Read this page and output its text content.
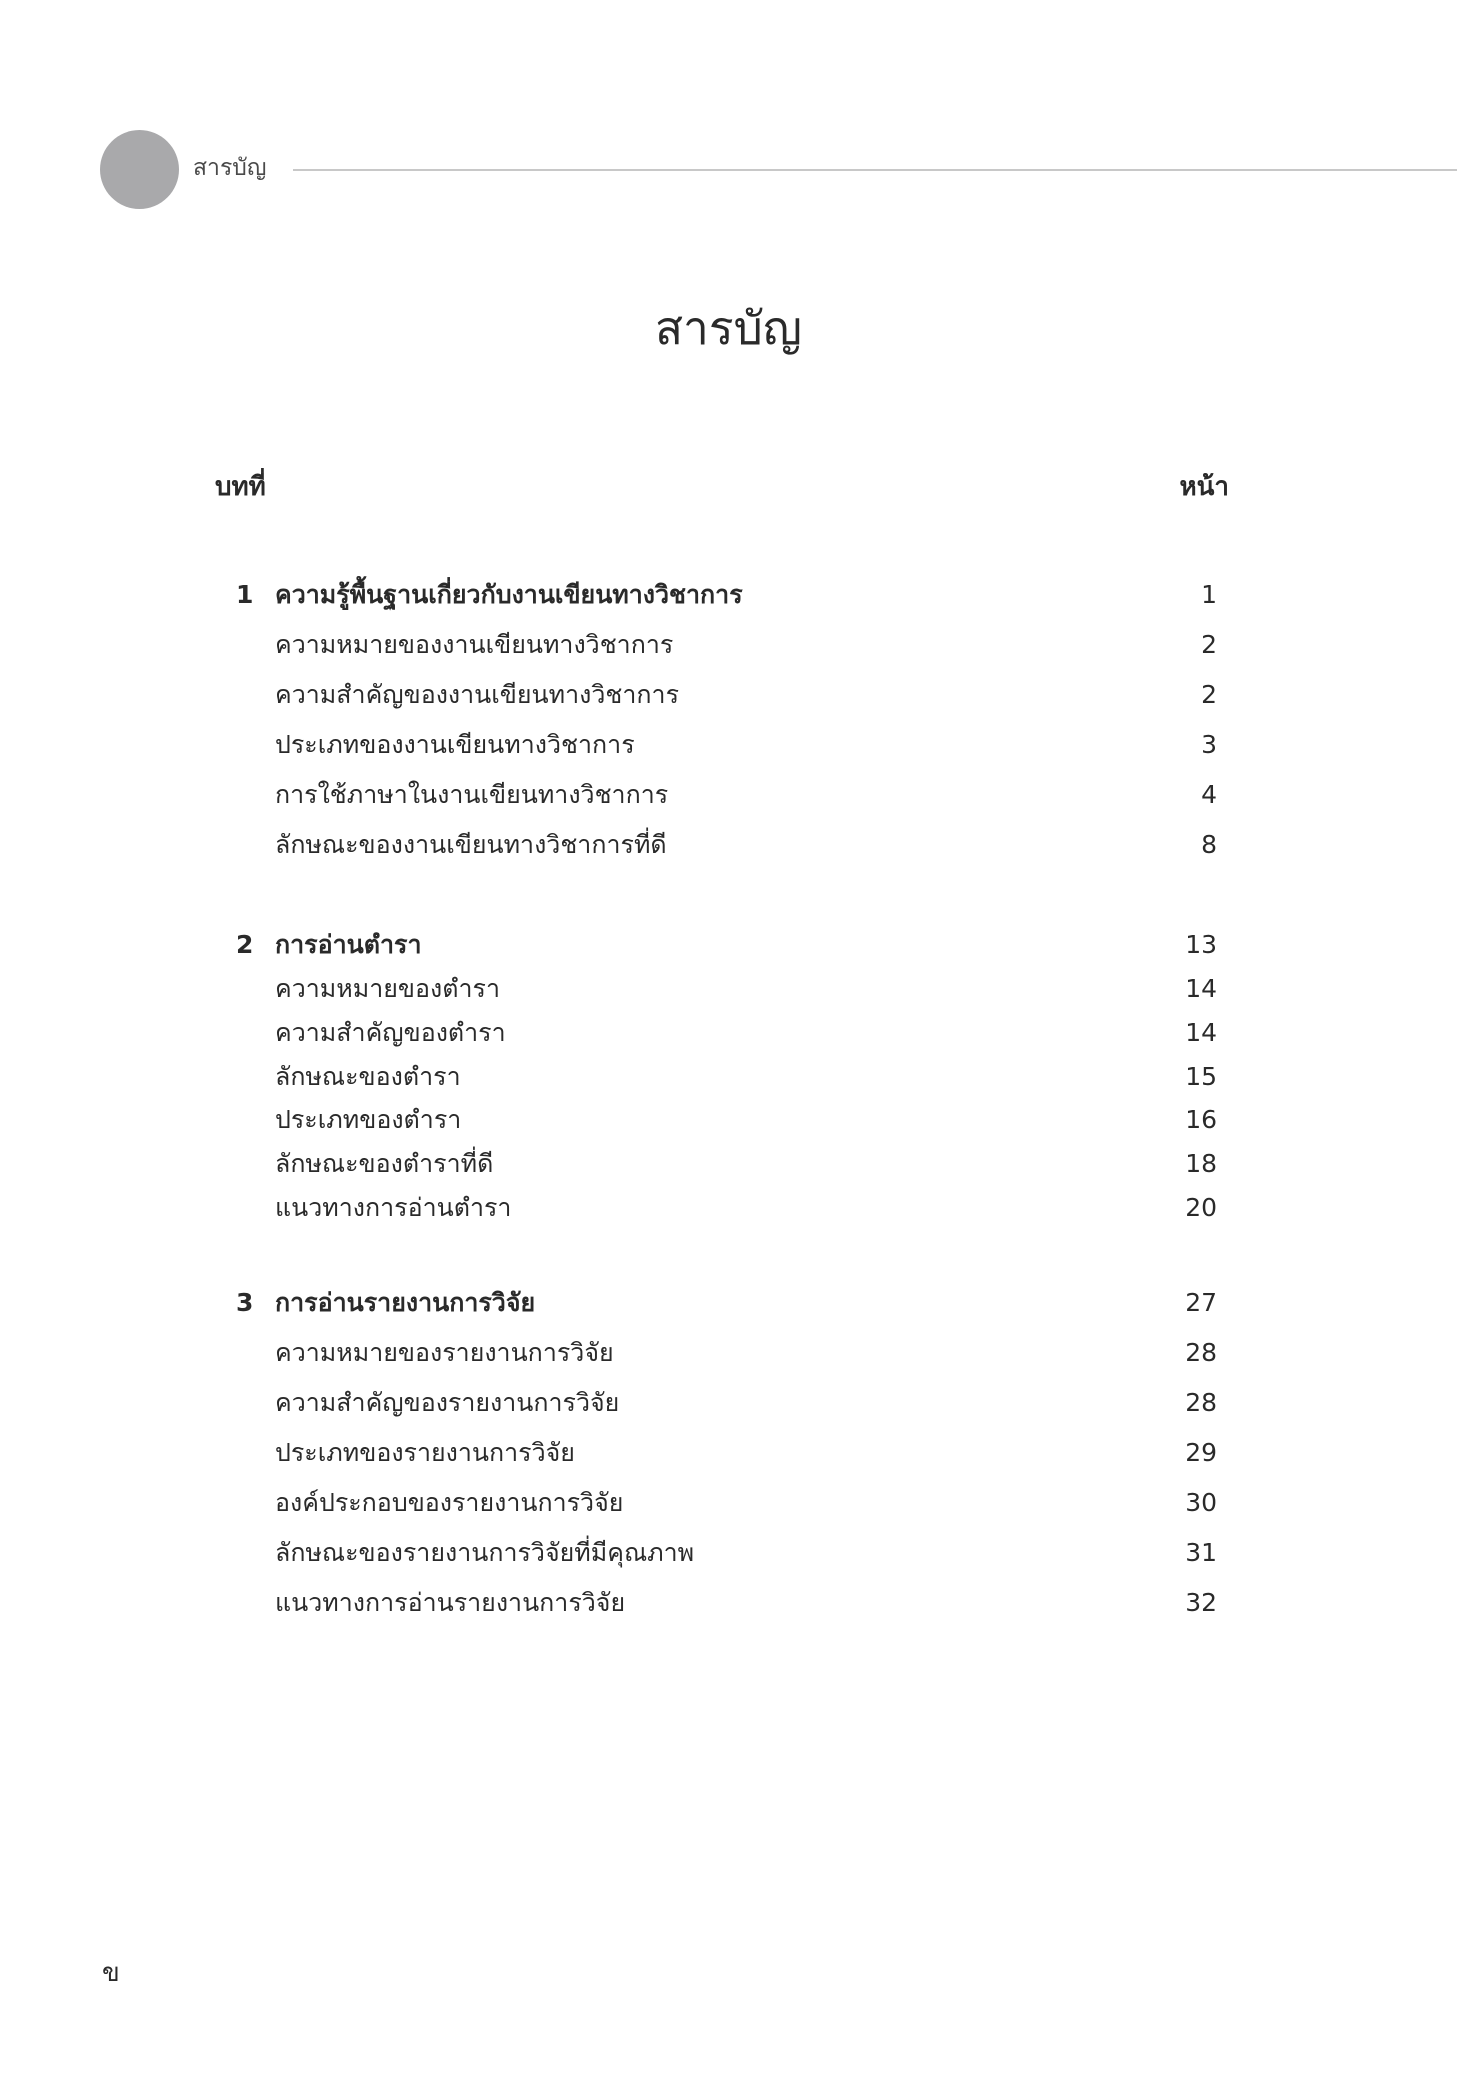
สารบัญ
สารบัญ
บทที่	หน้า
1 ความรู้พื้นฐานเกี่ยวกับงานเขียนทางวิชาการ	1
ความหมายของงานเขียนทางวิชาการ	2
ความสำคัญของงานเขียนทางวิชาการ	2
ประเภทของงานเขียนทางวิชาการ	3
การใช้ภาษาในงานเขียนทางวิชาการ	4
ลักษณะของงานเขียนทางวิชาการที่ดี	8
2 การอ่านตำรา	13
ความหมายของตำรา	14
ความสำคัญของตำรา	14
ลักษณะของตำรา	15
ประเภทของตำรา	16
ลักษณะของตำราที่ดี	18
แนวทางการอ่านตำรา	20
3 การอ่านรายงานการวิจัย	27
ความหมายของรายงานการวิจัย	28
ความสำคัญของรายงานการวิจัย	28
ประเภทของรายงานการวิจัย	29
องค์ประกอบของรายงานการวิจัย	30
ลักษณะของรายงานการวิจัยที่มีคุณภาพ	31
แนวทางการอ่านรายงานการวิจัย	32
ข
